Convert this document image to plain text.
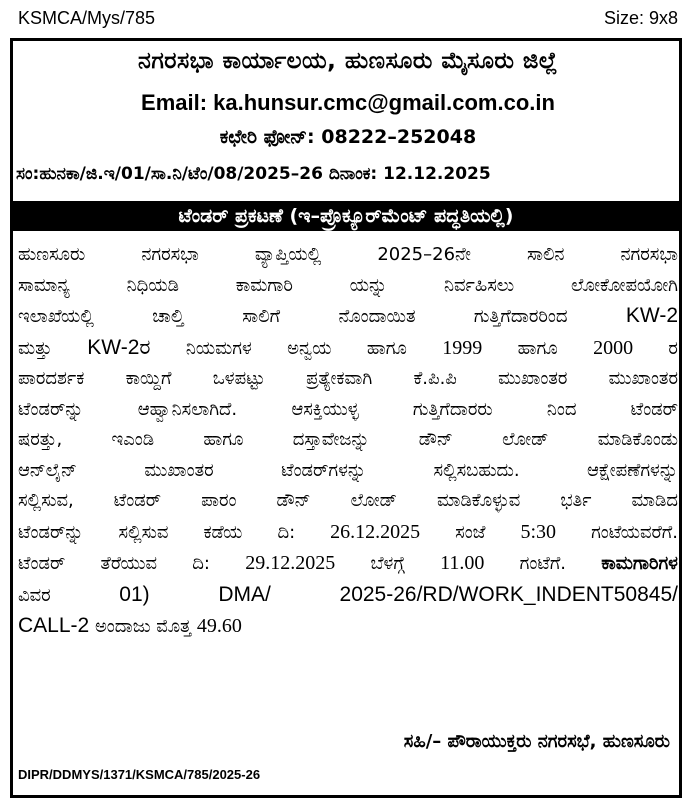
KSMCA/Mys/785	Size: 9x8
ನಗರಸಭಾ ಕಾರ್ಯಾಲಯ, ಹುಣಸೂರು ಮೈಸೂರು ಜಿಲ್ಲೆ
Email: ka.hunsur.cmc@gmail.com.co.in
ಕಛೇರಿ ಫೋನ್: 08222–252048
ಸಂ:ಹುನಕಾ/ಜಿ.ಇ/01/ಸಾ.ನಿ/ಟೆಂ/08/2025–26 ದಿನಾಂಕ: 12.12.2025
ಟೆಂಡರ್ ಪ್ರಕಟಣೆ (ಇ–ಪ್ರೊಕ್ಯೂರ್‌ಮೆಂಟ್ ಪದ್ಧತಿಯಲ್ಲಿ)
ಹುಣಸೂರು ನಗರಸಭಾ ವ್ಯಾಪ್ತಿಯಲ್ಲಿ 2025–26ನೇ ಸಾಲಿನ ನಗರಸಭಾ
ಸಾಮಾನ್ಯ ನಿಧಿಯಡಿ ಕಾಮಗಾರಿ ಯನ್ನು ನಿರ್ವಹಿಸಲು ಲೋಕೋಪಯೋಗಿ
ಇಲಾಖೆಯಲ್ಲಿ ಚಾಲ್ತಿ ಸಾಲಿಗೆ ನೊಂದಾಯಿತ ಗುತ್ತಿಗೆದಾರರಿಂದ	KW-2
ಮತ್ತು KW-2ರ ನಿಯಮಗಳ ಅನ್ವಯ ಹಾಗೂ 1999 ಹಾಗೂ 2000 ರ
ಪಾರದರ್ಶಕ ಕಾಯ್ದಿಗೆ ಒಳಪಟ್ಟು ಪ್ರತ್ಯೇಕವಾಗಿ ಕೆ.ಪಿ.ಪಿ ಮುಖಾಂತರ ಮುಖಾಂತರ
ಟೆಂಡರ್‌ನ್ನು ಆಹ್ವಾನಿಸಲಾಗಿದೆ. ಆಸಕ್ತಿಯುಳ್ಳ ಗುತ್ತಿಗೆದಾರರು ನಿಂದ ಟೆಂಡರ್
ಷರತ್ತು, ಇಎಂಡಿ ಹಾಗೂ ದಸ್ತಾವೇಜನ್ನು ಡೌನ್ ಲೋಡ್ ಮಾಡಿಕೊಂಡು
ಆನ್‌ಲೈನ್ ಮುಖಾಂತರ ಟೆಂಡರ್‌ಗಳನ್ನು ಸಲ್ಲಿಸಬಹುದು. ಆಕ್ಷೇಪಣೆಗಳನ್ನು
ಸಲ್ಲಿಸುವ, ಟೆಂಡರ್ ಪಾರಂ ಡೌನ್ ಲೋಡ್ ಮಾಡಿಕೊಳ್ಳುವ ಭರ್ತಿ ಮಾಡಿದ
ಟೆಂಡರ್‌ನ್ನು ಸಲ್ಲಿಸುವ ಕಡೆಯ ದಿ: 26.12.2025 ಸಂಜೆ 5:30 ಗಂಟೆಯವರೆಗೆ.
ಟೆಂಡರ್ ತೆರೆಯುವ ದಿ: 29.12.2025 ಬೆಳಗ್ಗೆ 11.00 ಗಂಟೆಗೆ. ಕಾಮಗಾರಿಗಳ
ವಿವರ	01) DMA/ 2025-26/RD/WORK_INDENT50845/
CALL-2 ಅಂದಾಜು ಮೊತ್ತ 49.60
ಸಹಿ/– ಪೌರಾಯುಕ್ತರು ನಗರಸಭೆ, ಹುಣಸೂರು
DIPR/DDMYS/1371/KSMCA/785/2025-26
